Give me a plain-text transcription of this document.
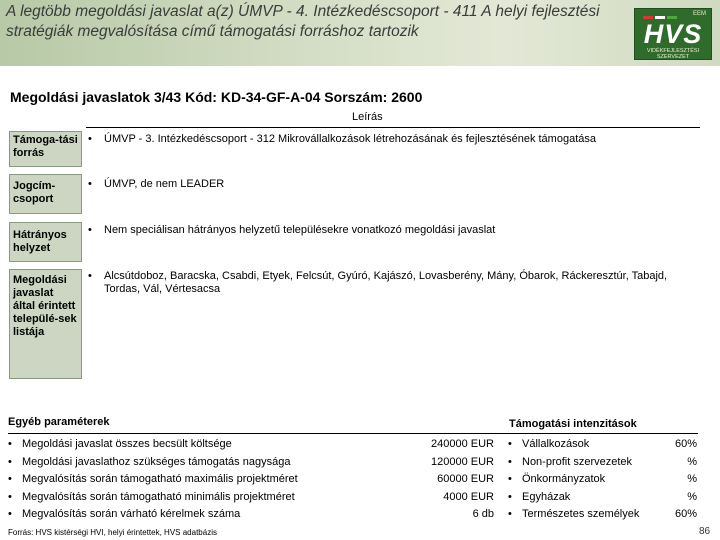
A legtöbb megoldási javaslat a(z) ÚMVP - 4. Intézkedéscsoport - 411 A helyi fejlesztési stratégiák megvalósítása című támogatási forráshoz tartozik
EEM
HVS
VIDÉKFEJLESZTÉSI SZERVEZET
Megoldási javaslatok 3/43 Kód: KD-34-GF-A-04 Sorszám: 2600
Leírás
Támoga-tási forrás
• ÚMVP - 3. Intézkedéscsoport - 312 Mikrovállalkozások létrehozásának és fejlesztésének támogatása
Jogcím-csoport
• ÚMVP, de nem LEADER
Hátrányos helyzet
• Nem speciálisan hátrányos helyzetű településekre vonatkozó megoldási javaslat
Megoldási javaslat által érintett települé-sek listája
• Alcsútdoboz, Baracska, Csabdi, Etyek, Felcsút, Gyúró, Kajászó, Lovasberény, Mány, Óbarok, Ráckeresztúr, Tabajd, Tordas, Vál, Vértesacsa
Egyéb paraméterek	Támogatási intenzitások
• Megoldási javaslat összes becsült költsége
• Megoldási javaslathoz szükséges támogatás nagysága
• Megvalósítás során támogatható maximális projektméret
• Megvalósítás során támogatható minimális projektméret
• Megvalósítás során várható kérelmek száma
240000 EUR
120000 EUR
60000 EUR
4000 EUR
6 db
• Vállalkozások
• Non-profit szervezetek
• Önkormányzatok
• Egyházak
• Természetes személyek
60%
%
%
%
60%
Forrás: HVS kistérségi HVI, helyi érintettek, HVS adatbázis	86
